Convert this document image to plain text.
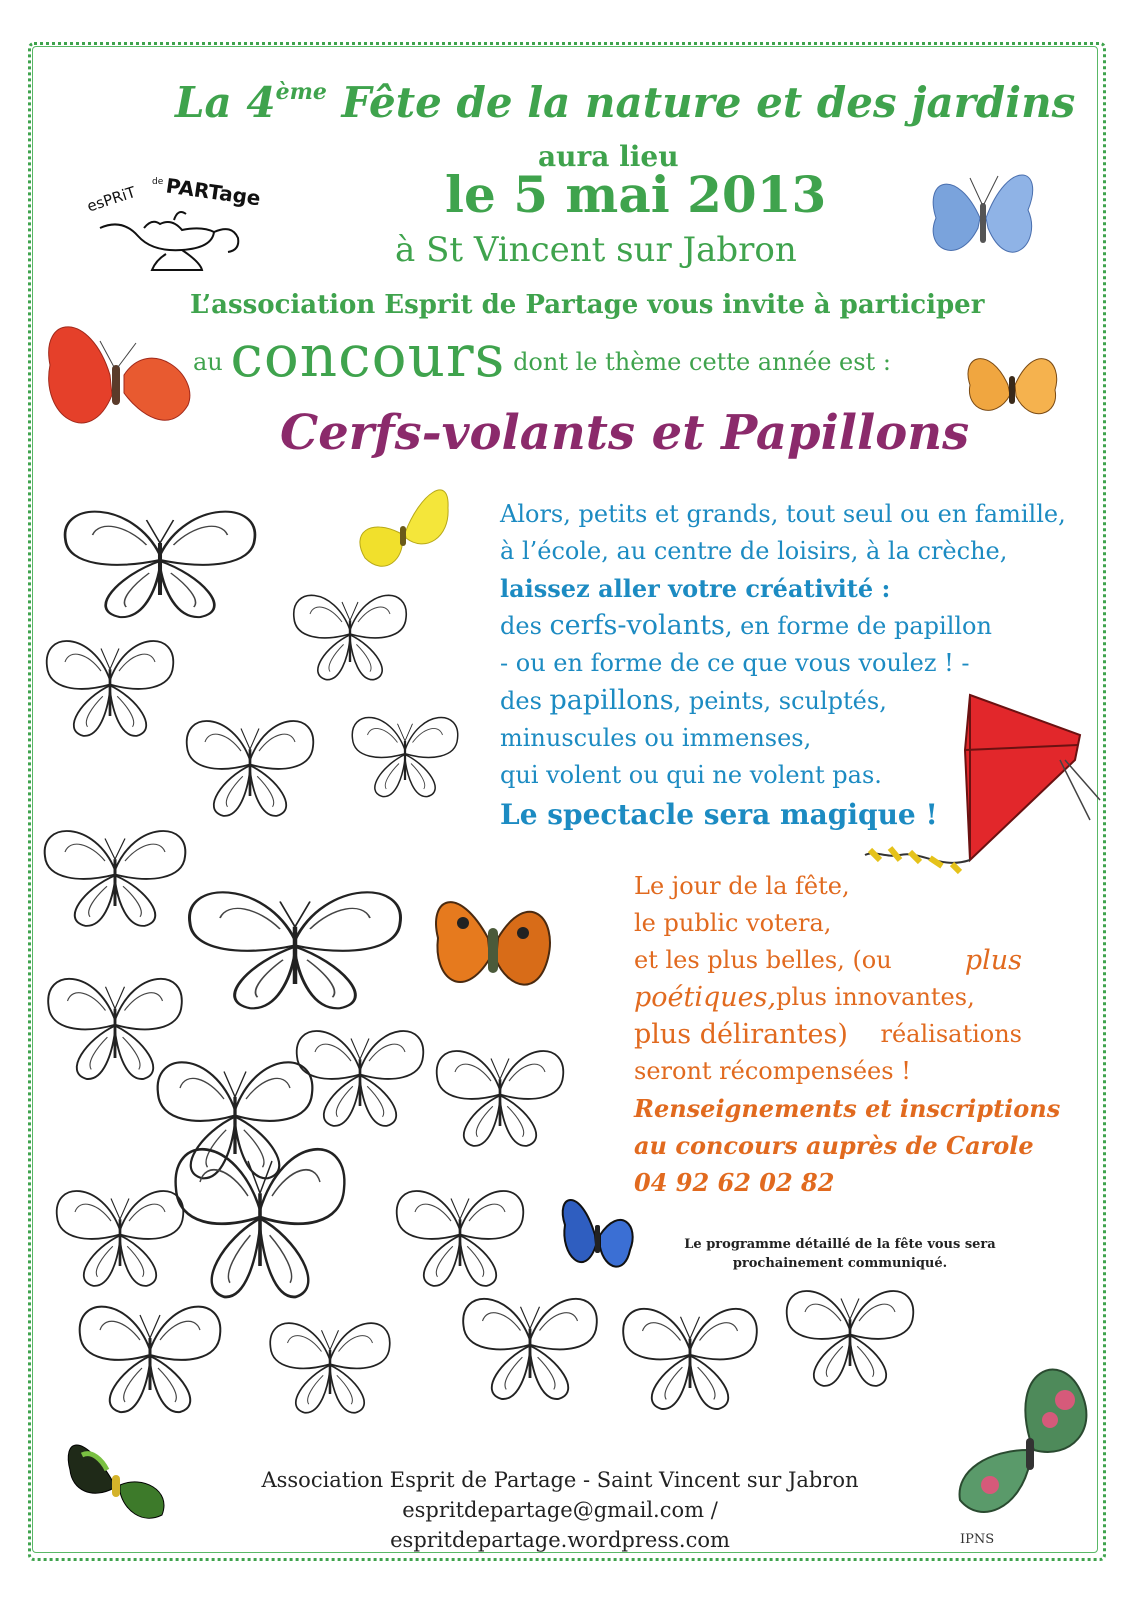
La 4ème Fête de la nature et des jardins

aura lieu

le 5 mai 2013

à St Vincent sur Jabron

esPRiT
de PARTage

L’association Esprit de Partage vous invite à participer

au concours dont le thème cette année est :

Cerfs-volants et Papillons

Alors, petits et grands, tout seul ou en famille,
à l’école, au centre de loisirs, à la crèche,
laissez aller votre créativité :
des cerfs-volants, en forme de papillon
- ou en forme de ce que vous voulez ! -
des papillons, peints, sculptés,
minuscules ou immenses,
qui volent ou qui ne volent pas.
Le spectacle sera magique !
Le jour de la fête,
le public votera,
et les plus belles, (ou	plus
poétiques, plus innovantes,
plus délirantes) réalisations
seront récompensées !
Renseignements et inscriptions
au concours auprès de Carole
04 92 62 02 82
Le programme détaillé de la fête vous sera
prochainement communiqué.
Association Esprit de Partage - Saint Vincent sur Jabron
espritdepartage@gmail.com / espritdepartage.wordpress.com	IPNS
